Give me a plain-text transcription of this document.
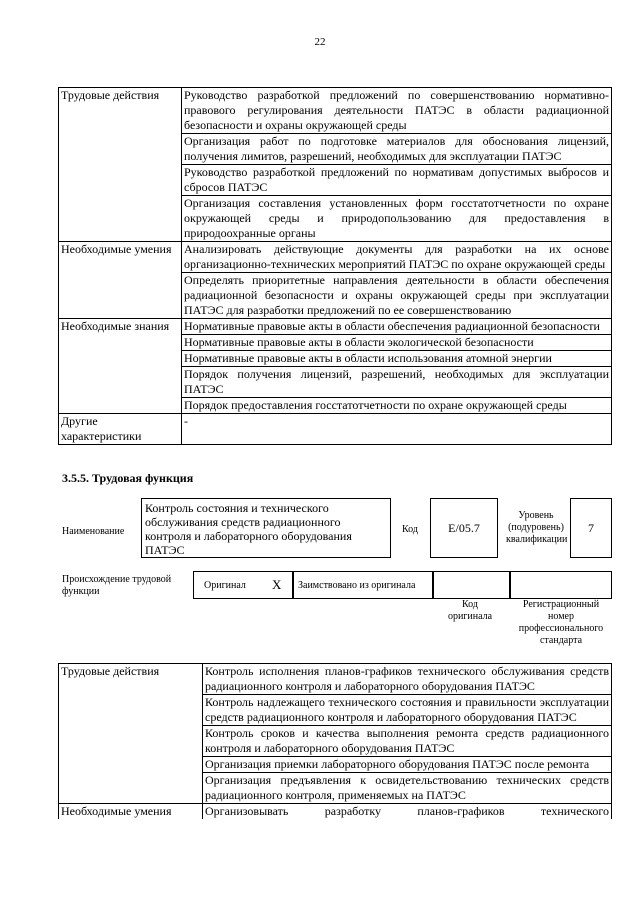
22
Трудовые действия	Руководство разработкой предложений по совершенствованию нормативно-правового регулирования деятельности ПАТЭС в области радиационной безопасности и охраны окружающей среды
	Организация работ по подготовке материалов для обоснования лицензий, получения лимитов, разрешений, необходимых для эксплуатации ПАТЭС
	Руководство разработкой предложений по нормативам допустимых выбросов и сбросов ПАТЭС
	Организация составления установленных форм госстатотчетности по охране окружающей среды и природопользованию для предоставления в природоохранные органы
Необходимые умения	Анализировать действующие документы для разработки на их основе организационно-технических мероприятий ПАТЭС по охране окружающей среды
	Определять приоритетные направления деятельности в области обеспечения радиационной безопасности и охраны окружающей среды при эксплуатации ПАТЭС для разработки предложений по ее совершенствованию
Необходимые знания	Нормативные правовые акты в области обеспечения радиационной безопасности
	Нормативные правовые акты в области экологической безопасности
	Нормативные правовые акты в области использования атомной энергии
	Порядок получения лицензий, разрешений, необходимых для эксплуатации ПАТЭС
	Порядок предоставления госстатотчетности по охране окружающей среды
Другие характеристики	-
3.5.5. Трудовая функция
Наименование
Контроль состояния и технического обслуживания средств радиационного контроля и лабораторного оборудования ПАТЭС
Код	E/05.7
Уровень (подуровень) квалификации
7
Происхождение трудовой функции
Оригинал X Заимствовано из оригинала
Код оригинала
Регистрационный номер профессионального стандарта
Трудовые действия	Контроль исполнения планов-графиков технического обслуживания средств радиационного контроля и лабораторного оборудования ПАТЭС
	Контроль надлежащего технического состояния и правильности эксплуатации средств радиационного контроля и лабораторного оборудования ПАТЭС
	Контроль сроков и качества выполнения ремонта средств радиационного контроля и лабораторного оборудования ПАТЭС
	Организация приемки лабораторного оборудования ПАТЭС после ремонта
	Организация предъявления к освидетельствованию технических средств радиационного контроля, применяемых на ПАТЭС
Необходимые умения	Организовывать разработку планов-графиков технического
